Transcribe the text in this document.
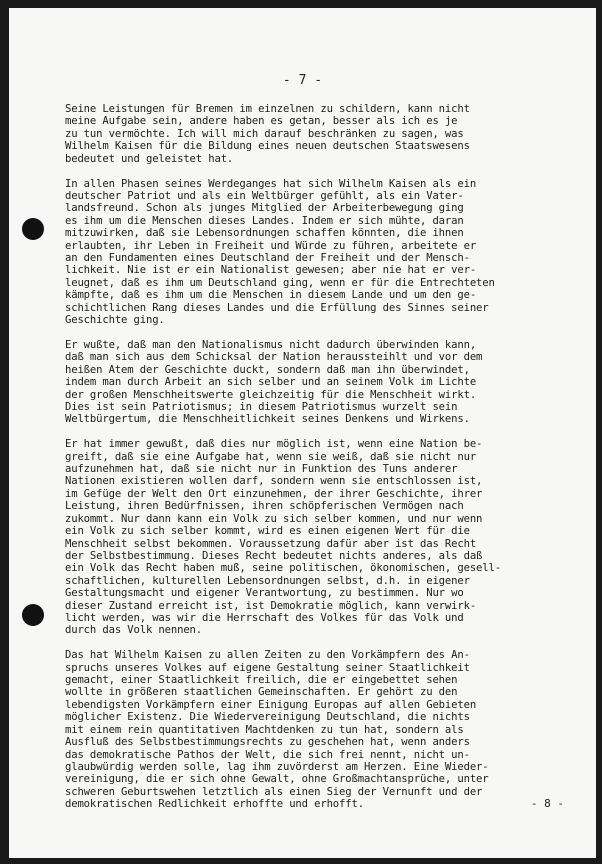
- 7 -

Seine Leistungen für Bremen im einzelnen zu schildern, kann nicht
meine Aufgabe sein, andere haben es getan, besser als ich es je
zu tun vermöchte. Ich will mich darauf beschränken zu sagen, was
Wilhelm Kaisen für die Bildung eines neuen deutschen Staatswesens
bedeutet und geleistet hat.

In allen Phasen seines Werdeganges hat sich Wilhelm Kaisen als ein
deutscher Patriot und als ein Weltbürger gefühlt, als ein Vater-
landsfreund. Schon als junges Mitglied der Arbeiterbewegung ging
es ihm um die Menschen dieses Landes. Indem er sich mühte, daran
mitzuwirken, daß sie Lebensordnungen schaffen könnten, die ihnen
erlaubten, ihr Leben in Freiheit und Würde zu führen, arbeitete er
an den Fundamenten eines Deutschland der Freiheit und der Mensch-
lichkeit. Nie ist er ein Nationalist gewesen; aber nie hat er ver-
leugnet, daß es ihm um Deutschland ging, wenn er für die Entrechteten
kämpfte, daß es ihm um die Menschen in diesem Lande und um den ge-
schichtlichen Rang dieses Landes und die Erfüllung des Sinnes seiner
Geschichte ging.

Er wußte, daß man den Nationalismus nicht dadurch überwinden kann,
daß man sich aus dem Schicksal der Nation heraussteihlt und vor dem
heißen Atem der Geschichte duckt, sondern daß man ihn überwindet,
indem man durch Arbeit an sich selber und an seinem Volk im Lichte
der großen Menschheitswerte gleichzeitig für die Menschheit wirkt.
Dies ist sein Patriotismus; in diesem Patriotismus wurzelt sein
Weltbürgertum, die Menschheitlichkeit seines Denkens und Wirkens.

Er hat immer gewußt, daß dies nur möglich ist, wenn eine Nation be-
greift, daß sie eine Aufgabe hat, wenn sie weiß, daß sie nicht nur
aufzunehmen hat, daß sie nicht nur in Funktion des Tuns anderer
Nationen existieren wollen darf, sondern wenn sie entschlossen ist,
im Gefüge der Welt den Ort einzunehmen, der ihrer Geschichte, ihrer
Leistung, ihren Bedürfnissen, ihren schöpferischen Vermögen nach
zukommt. Nur dann kann ein Volk zu sich selber kommen, und nur wenn
ein Volk zu sich selber kommt, wird es einen eigenen Wert für die
Menschheit selbst bekommen. Voraussetzung dafür aber ist das Recht
der Selbstbestimmung. Dieses Recht bedeutet nichts anderes, als daß
ein Volk das Recht haben muß, seine politischen, ökonomischen, gesell-
schaftlichen, kulturellen Lebensordnungen selbst, d.h. in eigener
Gestaltungsmacht und eigener Verantwortung, zu bestimmen. Nur wo
dieser Zustand erreicht ist, ist Demokratie möglich, kann verwirk-
licht werden, was wir die Herrschaft des Volkes für das Volk und
durch das Volk nennen.

Das hat Wilhelm Kaisen zu allen Zeiten zu den Vorkämpfern des An-
spruchs unseres Volkes auf eigene Gestaltung seiner Staatlichkeit
gemacht, einer Staatlichkeit freilich, die er eingebettet sehen
wollte in größeren staatlichen Gemeinschaften. Er gehört zu den
lebendigsten Vorkämpfern einer Einigung Europas auf allen Gebieten
möglicher Existenz. Die Wiedervereinigung Deutschland, die nichts
mit einem rein quantitativen Machtdenken zu tun hat, sondern als
Ausfluß des Selbstbestimmungsrechts zu geschehen hat, wenn anders
das demokratische Pathos der Welt, die sich frei nennt, nicht un-
glaubwürdig werden solle, lag ihm zuvörderst am Herzen. Eine Wieder-
vereinigung, die er sich ohne Gewalt, ohne Großmachtansprüche, unter
schweren Geburtswehen letztlich als einen Sieg der Vernunft und der
demokratischen Redlichkeit erhoffte und erhofft.	- 8 -
